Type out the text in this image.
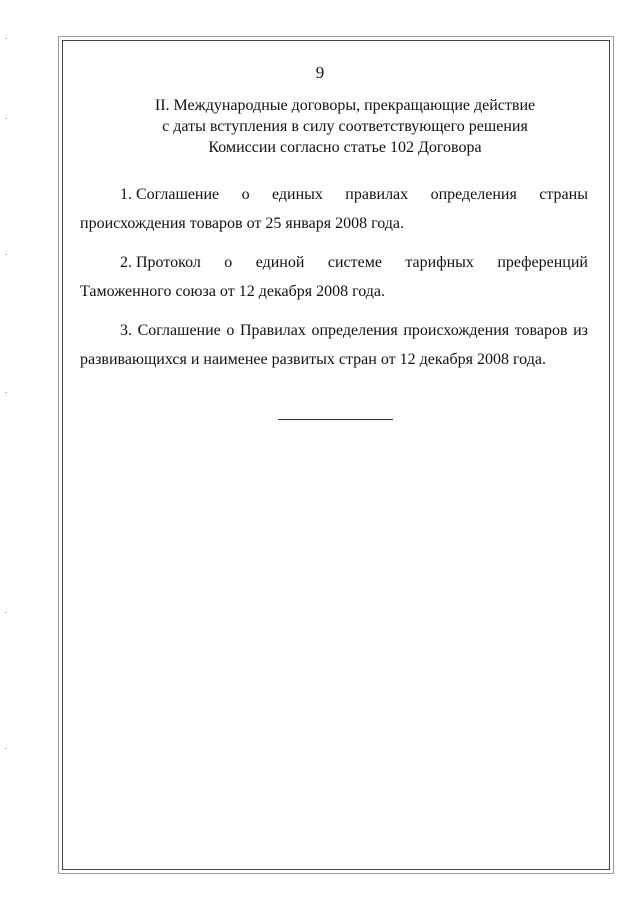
9
II. Международные договоры, прекращающие действие
с даты вступления в силу соответствующего решения
Комиссии согласно статье 102 Договора
1. Соглашение о единых правилах определения страны
происхождения товаров от 25 января 2008 года.
2. Протокол о единой системе тарифных преференций
Таможенного союза от 12 декабря 2008 года.
3. Соглашение о Правилах определения происхождения товаров из
развивающихся и наименее развитых стран от 12 декабря 2008 года.
